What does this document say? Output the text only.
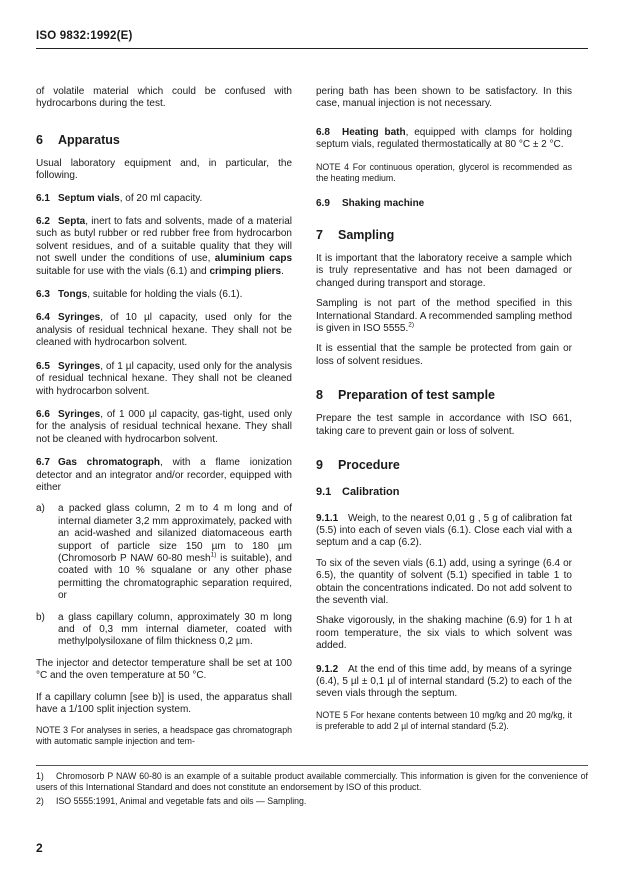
ISO 9832:1992(E)

of volatile material which could be confused with hydrocarbons during the test.

6 Apparatus

Usual laboratory equipment and, in particular, the following.

6.1 Septum vials, of 20 ml capacity.

6.2 Septa, inert to fats and solvents, made of a material such as butyl rubber or red rubber free from hydrocarbon solvent residues, and of a suitable quality that they will not swell under the conditions of use, aluminium caps suitable for use with the vials (6.1) and crimping pliers.

6.3 Tongs, suitable for holding the vials (6.1).

6.4 Syringes, of 10 µl capacity, used only for the analysis of residual technical hexane. They shall not be cleaned with hydrocarbon solvent.

6.5 Syringes, of 1 µl capacity, used only for the analysis of residual technical hexane. They shall not be cleaned with hydrocarbon solvent.

6.6 Syringes, of 1 000 µl capacity, gas-tight, used only for the analysis of residual technical hexane. They shall not be cleaned with hydrocarbon solvent.

6.7 Gas chromatograph, with a flame ionization detector and an integrator and/or recorder, equipped with either

a) a packed glass column, 2 m to 4 m long and of internal diameter 3,2 mm approximately, packed with an acid-washed and silanized diatomaceous earth support of particle size 150 µm to 180 µm (Chromosorb P NAW 60-80 mesh$^{1)}$ is suitable), and coated with 10 % squalane or any other phase permitting the chromatographic separation required, or

b) a glass capillary column, approximately 30 m long and of 0,3 mm internal diameter, coated with methylpolysiloxane of film thickness 0,2 µm.

The injector and detector temperature shall be set at 100 °C and the oven temperature at 50 °C.

If a capillary column [see b)] is used, the apparatus shall have a 1/100 split injection system.

NOTE 3 For analyses in series, a headspace gas chromatograph with automatic sample injection and tem-

pering bath has been shown to be satisfactory. In this case, manual injection is not necessary.

6.8 Heating bath, equipped with clamps for holding septum vials, regulated thermostatically at 80 °C ± 2 °C.

NOTE 4 For continuous operation, glycerol is recommended as the heating medium.

6.9 Shaking machine
7 Sampling

It is important that the laboratory receive a sample which is truly representative and has not been damaged or changed during transport and storage.

Sampling is not part of the method specified in this International Standard. A recommended sampling method is given in ISO 5555.$^{2)}$

It is essential that the sample be protected from gain or loss of solvent residues.

8 Preparation of test sample

Prepare the test sample in accordance with ISO 661, taking care to prevent gain or loss of solvent.

9 Procedure
9.1 Calibration

9.1.1 Weigh, to the nearest 0,01 g , 5 g of calibration fat (5.5) into each of seven vials (6.1). Close each vial with a septum and a cap (6.2).

To six of the seven vials (6.1) add, using a syringe (6.4 or 6.5), the quantity of solvent (5.1) specified in table 1 to obtain the concentrations indicated. Do not add solvent to the seventh vial.

Shake vigorously, in the shaking machine (6.9) for 1 h at room temperature, the six vials to which solvent was added.

9.1.2 At the end of this time add, by means of a syringe (6.4), 5 µl ± 0,1 µl of internal standard (5.2) to each of the seven vials through the septum.

NOTE 5 For hexane contents between 10 mg/kg and 20 mg/kg, it is preferable to add 2 µl of internal standard (5.2).

1) Chromosorb P NAW 60-80 is an example of a suitable product available commercially. This information is given for the convenience of users of this International Standard and does not constitute an endorsement by ISO of this product.

2) ISO 5555:1991, Animal and vegetable fats and oils — Sampling.

2
